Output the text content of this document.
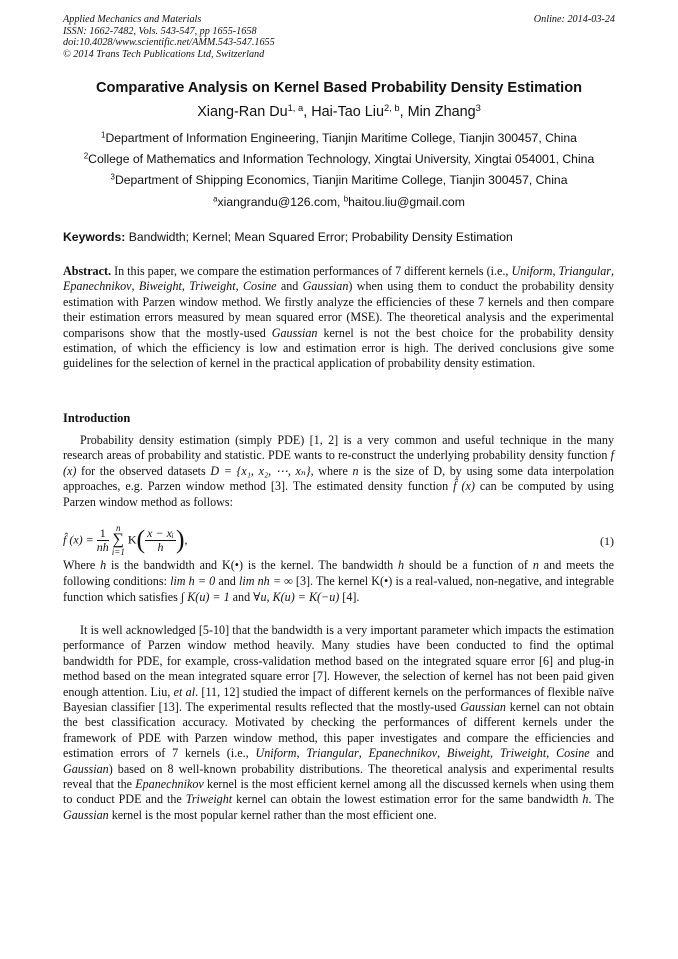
Applied Mechanics and Materials
ISSN: 1662-7482, Vols. 543-547, pp 1655-1658
doi:10.4028/www.scientific.net/AMM.543-547.1655
© 2014 Trans Tech Publications Ltd, Switzerland
Online: 2014-03-24
Comparative Analysis on Kernel Based Probability Density Estimation
Xiang-Ran Du$^{1, a}$, Hai-Tao Liu$^{2, b}$, Min Zhang$^3$
$^1$Department of Information Engineering, Tianjin Maritime College, Tianjin 300457, China
$^2$College of Mathematics and Information Technology, Xingtai University, Xingtai 054001, China
$^3$Department of Shipping Economics, Tianjin Maritime College, Tianjin 300457, China
$^a$xiangrandu@126.com, $^b$haitou.liu@gmail.com
Keywords: Bandwidth; Kernel; Mean Squared Error; Probability Density Estimation

Abstract. In this paper, we compare the estimation performances of 7 different kernels (i.e., Uniform, Triangular, Epanechnikov, Biweight, Triweight, Cosine and Gaussian) when using them to conduct the probability density estimation with Parzen window method. We firstly analyze the efficiencies of these 7 kernels and then compare their estimation errors measured by mean squared error (MSE). The theoretical analysis and the experimental comparisons show that the mostly-used Gaussian kernel is not the best choice for the probability density estimation, of which the efficiency is low and estimation error is high. The derived conclusions give some guidelines for the selection of kernel in the practical application of probability density estimation.

Introduction

Probability density estimation (simply PDE) [1, 2] is a very common and useful technique in the many research areas of probability and statistic. PDE wants to re-construct the underlying probability density function f (x) for the observed datasets D = {x₁, x₂, ⋯, xₙ}, where n is the size of D, by using some data interpolation approaches, e.g. Parzen window method [3]. The estimated density function f̂ (x) can be computed by using Parzen window method as follows:

f̂ $(x) = \frac{1}{nh}$
n
∑
i=1
$K( \frac{\text{x − xᵢ}}{h}$ ),	(1)

Where h is the bandwidth and K(•) is the kernel. The bandwidth h should be a function of n and meets the following conditions: lim h = 0 and lim nh = ∞ [3]. The kernel K(•) is a real-valued, non-negative, and integrable function which satisfies ∫ K(u) = 1 and ∀u, K(u) = K(−u) [4].

It is well acknowledged [5-10] that the bandwidth is a very important parameter which impacts the estimation performance of Parzen window method heavily. Many studies have been conducted to find the optimal bandwidth for PDE, for example, cross-validation method based on the integrated square error [6] and plug-in method based on the mean integrated square error [7]. However, the selection of kernel has not been paid given enough attention. Liu, et al. [11, 12] studied the impact of different kernels on the performances of flexible naïve Bayesian classifier [13]. The experimental results reflected that the mostly-used Gaussian kernel can not obtain the best classification accuracy. Motivated by checking the performances of different kernels under the framework of PDE with Parzen window method, this paper investigates and compare the efficiencies and estimation errors of 7 kernels (i.e., Uniform, Triangular, Epanechnikov, Biweight, Triweight, Cosine and Gaussian) based on 8 well-known probability distributions. The theoretical analysis and experimental results reveal that the Epanechnikov kernel is the most efficient kernel among all the discussed kernels when using them to conduct PDE and the Triweight kernel can obtain the lowest estimation error for the same bandwidth h. The Gaussian kernel is the most popular kernel rather than the most efficient one.
